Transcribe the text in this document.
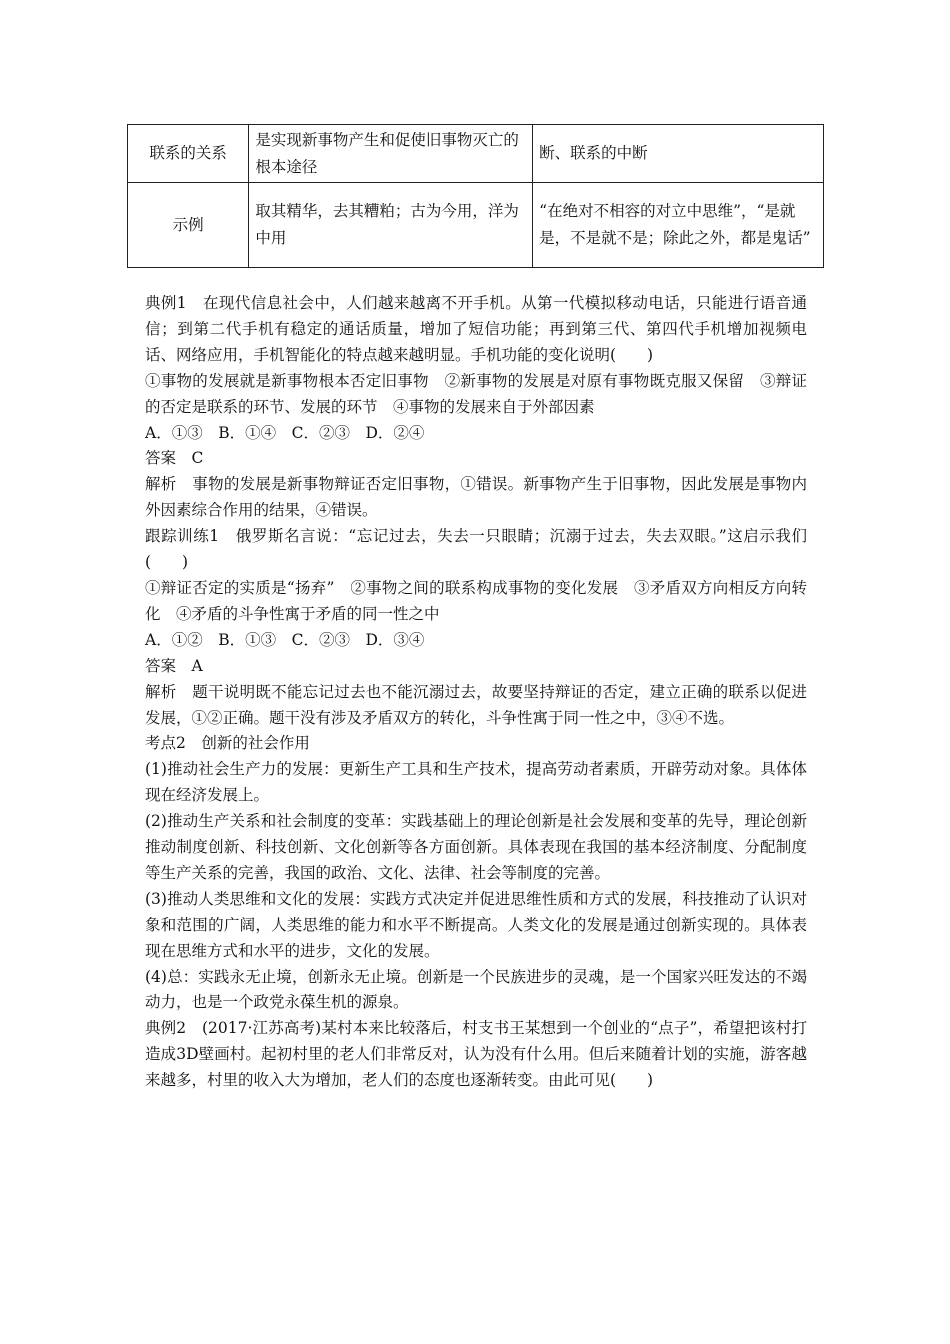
联系的关系	是实现新事物产生和促使旧事物灭亡的根本途径	断、联系的中断
示例	取其精华，去其糟粕；古为今用，洋为中用	“在绝对不相容的对立中思维”，“是就是，不是就不是；除此之外，都是鬼话”

典例1　在现代信息社会中，人们越来越离不开手机。从第一代模拟移动电话，只能进行语音通信；到第二代手机有稳定的通话质量，增加了短信功能；再到第三代、第四代手机增加视频电话、网络应用，手机智能化的特点越来越明显。手机功能的变化说明(　　)

①事物的发展就是新事物根本否定旧事物　②新事物的发展是对原有事物既克服又保留　③辩证的否定是联系的环节、发展的环节　④事物的发展来自于外部因素

A．①③　B．①④　C．②③　D．②④

答案　C

解析　事物的发展是新事物辩证否定旧事物，①错误。新事物产生于旧事物，因此发展是事物内外因素综合作用的结果，④错误。

跟踪训练1　俄罗斯名言说：“忘记过去，失去一只眼睛；沉溺于过去，失去双眼。”这启示我们(　　)

①辩证否定的实质是“扬弃”　②事物之间的联系构成事物的变化发展　③矛盾双方向相反方向转化　④矛盾的斗争性寓于矛盾的同一性之中

A．①②　B．①③　C．②③　D．③④

答案　A

解析　题干说明既不能忘记过去也不能沉溺过去，故要坚持辩证的否定，建立正确的联系以促进发展，①②正确。题干没有涉及矛盾双方的转化，斗争性寓于同一性之中，③④不选。

考点2　创新的社会作用

(1)推动社会生产力的发展：更新生产工具和生产技术，提高劳动者素质，开辟劳动对象。具体体现在经济发展上。

(2)推动生产关系和社会制度的变革：实践基础上的理论创新是社会发展和变革的先导，理论创新推动制度创新、科技创新、文化创新等各方面创新。具体表现在我国的基本经济制度、分配制度等生产关系的完善，我国的政治、文化、法律、社会等制度的完善。

(3)推动人类思维和文化的发展：实践方式决定并促进思维性质和方式的发展，科技推动了认识对象和范围的广阔，人类思维的能力和水平不断提高。人类文化的发展是通过创新实现的。具体表现在思维方式和水平的进步，文化的发展。

(4)总：实践永无止境，创新永无止境。创新是一个民族进步的灵魂，是一个国家兴旺发达的不竭动力，也是一个政党永葆生机的源泉。

典例2　(2017·江苏高考)某村本来比较落后，村支书王某想到一个创业的“点子”，希望把该村打造成3D壁画村。起初村里的老人们非常反对，认为没有什么用。但后来随着计划的实施，游客越来越多，村里的收入大为增加，老人们的态度也逐渐转变。由此可见(　　)
